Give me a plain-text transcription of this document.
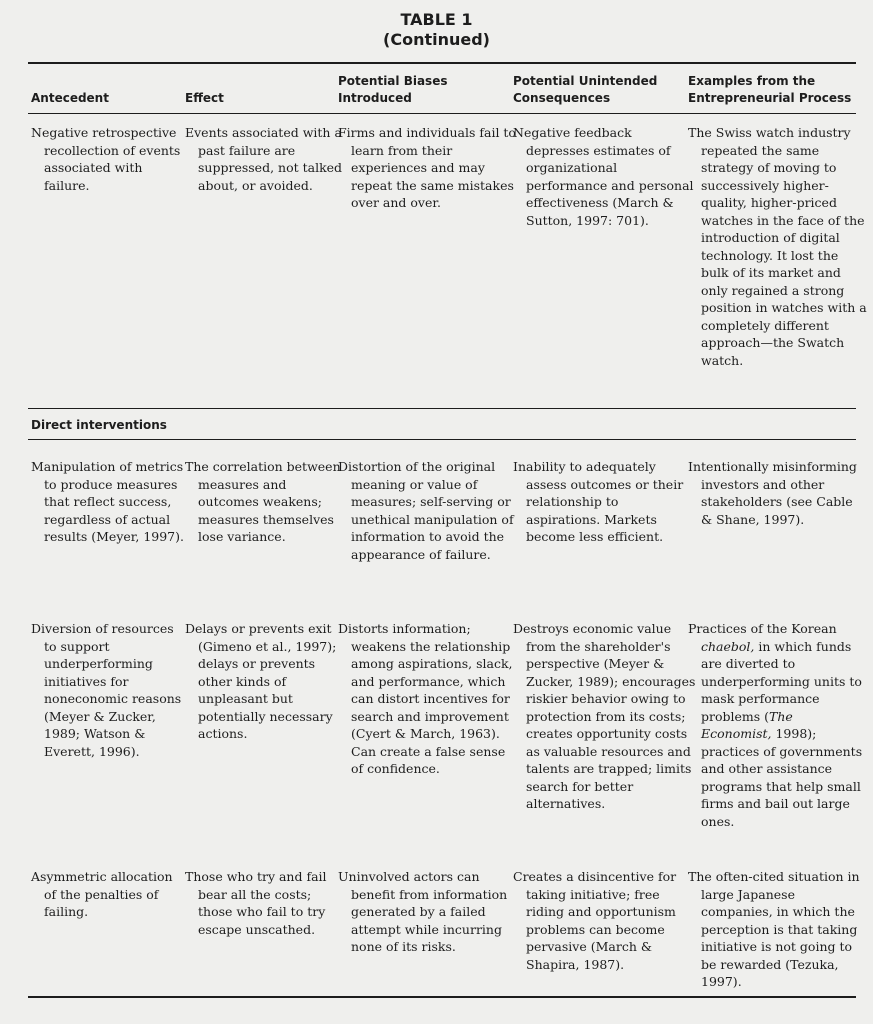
TABLE 1
(Continued)
Antecedent	Effect
Potential Biases Introduced
Potential Unintended Consequences
Examples from the Entrepreneurial Process
Negative retrospective recollection of events associated with failure.
Events associated with a past failure are suppressed, not talked about, or avoided.
Firms and individuals fail to learn from their experiences and may repeat the same mistakes over and over.
Negative feedback depresses estimates of organizational performance and personal effectiveness (March & Sutton, 1997: 701).
The Swiss watch industry repeated the same strategy of moving to successively higher-quality, higher-priced watches in the face of the introduction of digital technology. It lost the bulk of its market and only regained a strong position in watches with a completely different approach—the Swatch watch.
Direct interventions
Manipulation of metrics to produce measures that reflect success, regardless of actual results (Meyer, 1997).
The correlation between measures and outcomes weakens; measures themselves lose variance.
Distortion of the original meaning or value of measures; self-serving or unethical manipulation of information to avoid the appearance of failure.
Inability to adequately assess outcomes or their relationship to aspirations. Markets become less efficient.
Intentionally misinforming investors and other stakeholders (see Cable & Shane, 1997).
Diversion of resources to support underperforming initiatives for noneconomic reasons (Meyer & Zucker, 1989; Watson & Everett, 1996).
Delays or prevents exit (Gimeno et al., 1997); delays or prevents other kinds of unpleasant but potentially necessary actions.
Distorts information; weakens the relationship among aspirations, slack, and performance, which can distort incentives for search and improvement (Cyert & March, 1963). Can create a false sense of confidence.
Destroys economic value from the shareholder's perspective (Meyer & Zucker, 1989); encourages riskier behavior owing to protection from its costs; creates opportunity costs as valuable resources and talents are trapped; limits search for better alternatives.
Practices of the Korean chaebol, in which funds are diverted to underperforming units to mask performance problems (The Economist, 1998); practices of governments and other assistance programs that help small firms and bail out large ones.
Asymmetric allocation of the penalties of failing.
Those who try and fail bear all the costs; those who fail to try escape unscathed.
Uninvolved actors can benefit from information generated by a failed attempt while incurring none of its risks.
Creates a disincentive for taking initiative; free riding and opportunism problems can become pervasive (March & Shapira, 1987).
The often-cited situation in large Japanese companies, in which the perception is that taking initiative is not going to be rewarded (Tezuka, 1997).
